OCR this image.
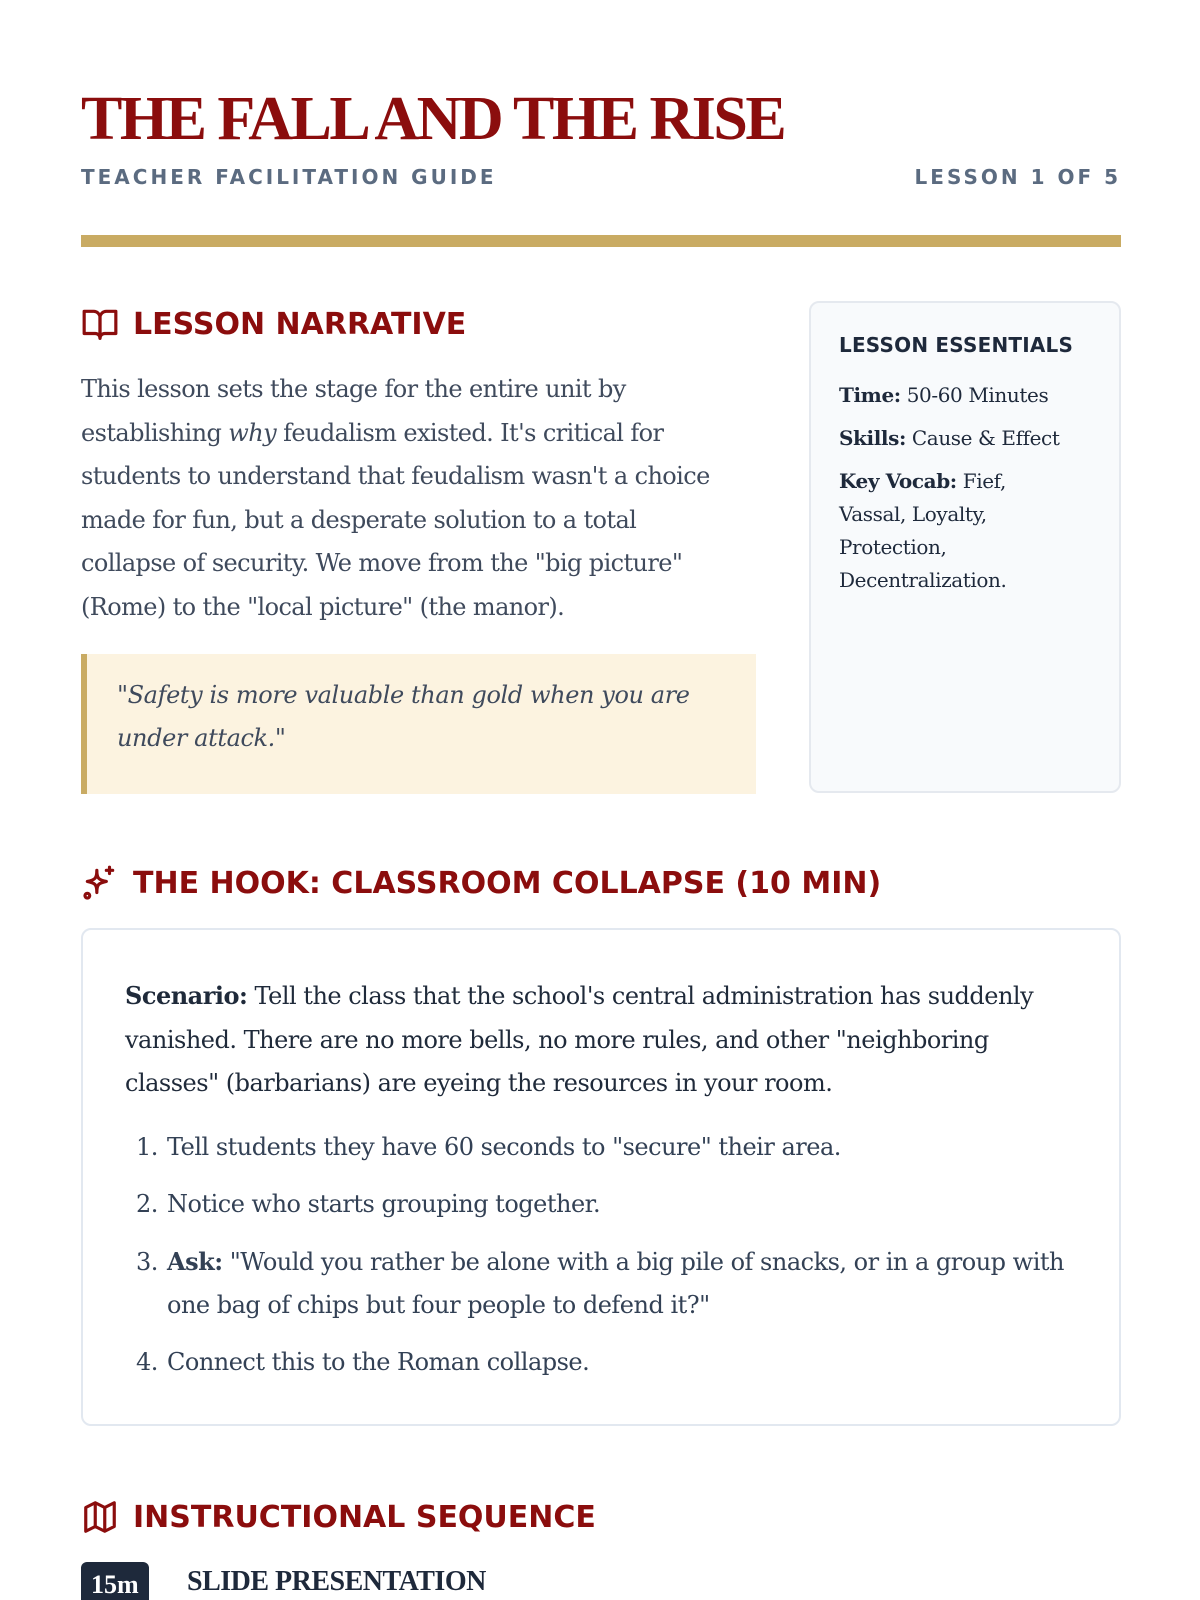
THE FALL AND THE RISE
TEACHER FACILITATION GUIDE	LESSON 1 OF 5
LESSON NARRATIVE

This lesson sets the stage for the entire unit by establishing why feudalism existed. It's critical for students to understand that feudalism wasn't a choice made for fun, but a desperate solution to a total collapse of security. We move from the "big picture" (Rome) to the "local picture" (the manor).

"Safety is more valuable than gold when you are under attack."
LESSON ESSENTIALS

Time: 50-60 Minutes

Skills: Cause & Effect

Key Vocab: Fief, Vassal, Loyalty, Protection, Decentralization.

THE HOOK: CLASSROOM COLLAPSE (10 MIN)

Scenario: Tell the class that the school's central administration has suddenly vanished. There are no more bells, no more rules, and other "neighboring classes" (barbarians) are eyeing the resources in your room.

1. Tell students they have 60 seconds to "secure" their area.
2. Notice who starts grouping together.
3. Ask: "Would you rather be alone with a big pile of snacks, or in a group with one bag of chips but four people to defend it?"
4. Connect this to the Roman collapse.
INSTRUCTIONAL SEQUENCE
15m	SLIDE PRESENTATION
